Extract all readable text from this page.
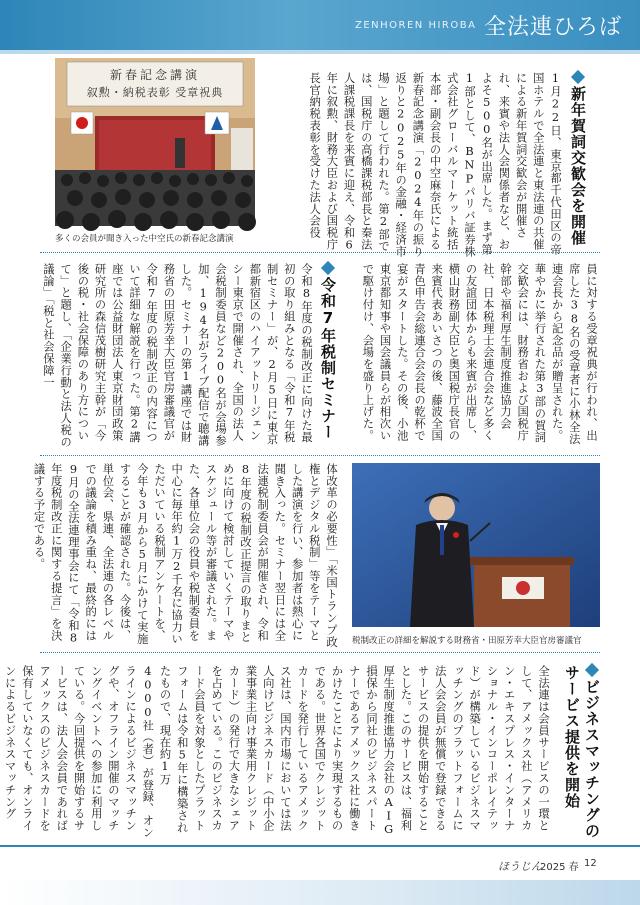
ZENHOREN HIROBA 全法連ひろば
新年賀詞交歓会を開催
1月22日、東京都千代田区の帝国ホテルで全法連と東法連の共催による新年賀詞交歓会が開催され、来賓や法人会関係者など、およそ500名が出席した。まず第1部として、BNPパリバ証券株式会社グローバルマーケット統括本部・副会長の中空麻奈氏による新春記念講演「2024年の振り返りと2025年の金融・経済市場」と題して行われた。第2部では、国税庁の高橋課税部長と秦法人課税課長を来賓に迎え、令和6年に叙勲、財務大臣および国税庁長官納税表彰を受けた法人会役
新春記念講演
叙勲・納税表彰 受章祝典
多くの会員が聞き入った中空氏の新春記念講演
員に対する受章祝典が行われ、出席した38名の受章者に小林全法連会長から記念品が贈呈された。華やかに挙行された第3部の賀詞交歓会には、財務省および国税庁幹部や福利厚生制度推進協力会社、日本税理士会連合会など多くの友誼団体からも来賓が出席し、横山財務副大臣と奥国税庁長官の来賓代表あいさつの後、藤波全国青色申告会総連合会会長の乾杯で宴がスタートした。その後、小池東京都知事や国会議員らが相次いで駆け付け、会場を盛り上げた。
令和7年税制セミナー
令和8年度の税制改正に向けた最初の取り組みとなる「令和7年税制セミナー」が、2月5日に東京都新宿区のハイアットリージェンシー東京で開催され、全国の法人会税制委員など200名が会場参加、194名がライブ配信で聴講した。セミナーの第1講座では財務省の田原芳幸大臣官房審議官が令和7年度の税制改正の内容について詳細な解説を行った。第2講座では公益財団法人東京財団政策研究所の森信茂樹研究主幹が「今後の税・社会保障のあり方について」と題し、「企業行動と法人税の議論」「税と社会保障一
税制改正の詳細を解説する財務省・田原芳幸大臣官房審議官
体改革の必要性」「米国トランプ政権とデジタル税制」等をテーマとした講演を行い、参加者は熱心に聞き入った。セミナー翌日には全法連税制委員会が開催され、令和8年度の税制改正提言の取りまとめに向けて検討していくテーマやスケジュール等が審議された。また、各単位会の役員や税制委員を中心に毎年約1万2千名に協力いただいている税制アンケートを、今年も3月から5月にかけて実施することが確認された。今後は、単位会、県連、全法連の各レベルでの議論を積み重ね、最終的には9月の全法連理事会にて「令和8年度税制改正に関する提言」を決議する予定である。
ビジネスマッチングのサービス提供を開始
全法連は会員サービスの一環として、アメックス社（アメリカン・エキスプレス・インターナショナル・インコーポレイテッド）が構築しているビジネスマッチングのプラットフォームに法人会会員が無償で登録できるサービスの提供を開始することとした。このサービスは、福利厚生制度推進協力会社のAIG損保から同社のビジネスパートナーであるアメックス社に働きかけたことにより実現するものである。世界各国でクレジットカードを発行しているアメックス社は、国内市場においては法人向けビジネスカード（中小企業事業主向け事業用クレジットカード）の発行で大きなシェアを占めている。このビジネスカード会員を対象としたプラットフォームは令和5年に構築されたもので、現在約1万4000社（者）が登録、オンラインによるビジネスマッチングや、オフライン開催のマッチングイベントへの参加に利用している。今回提供を開始するサービスは、法人会会員であればアメックスのビジネスカードを保有していなくても、オンラインによるビジネスマッチング
ほうじん
2025 春 12
